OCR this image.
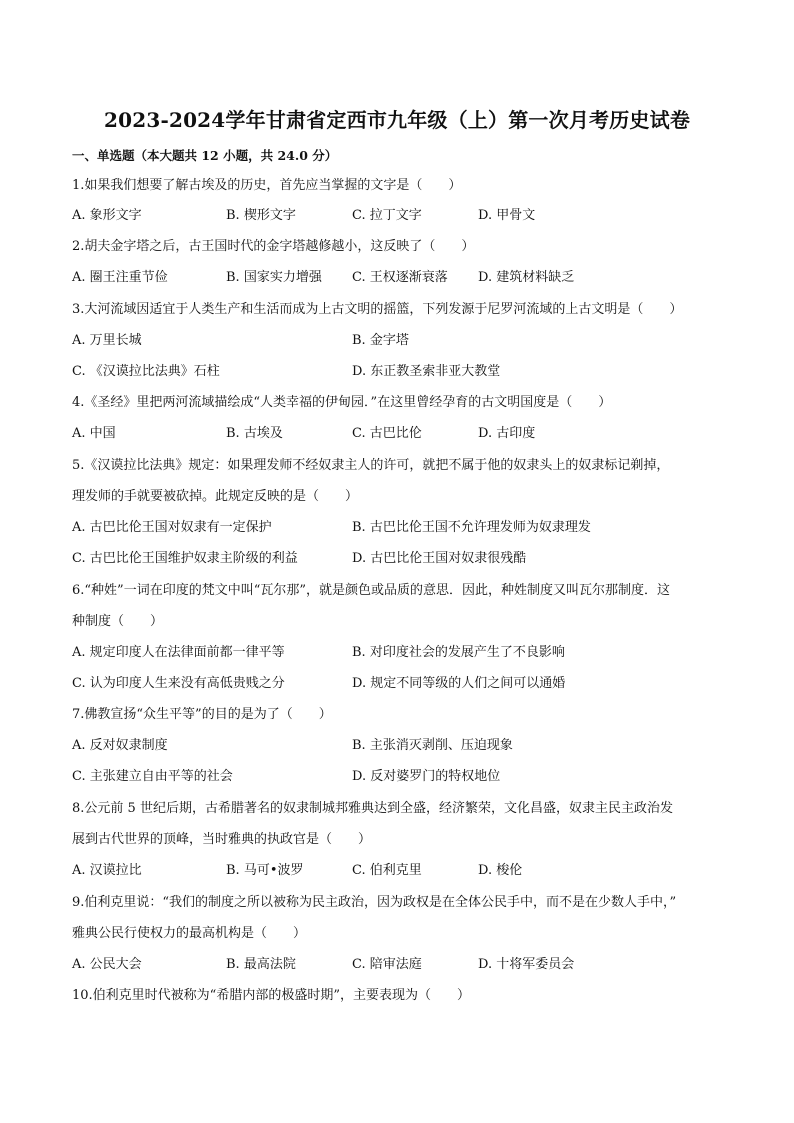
2023-2024学年甘肃省定西市九年级（上）第一次月考历史试卷
一、单选题（本大题共 12 小题，共 24.0 分）
1.如果我们想要了解古埃及的历史，首先应当掌握的文字是（　　）
A. 象形文字	B. 楔形文字	C. 拉丁文字	D. 甲骨文
2.胡夫金字塔之后，古王国时代的金字塔越修越小，这反映了（　　）
A. 圈王注重节俭	B. 国家实力增强 C. 王权逐渐衰落 D. 建筑材料缺乏
3.大河流域因适宜于人类生产和生活而成为上古文明的摇篮，下列发源于尼罗河流域的上古文明是（　　）
A. 万里长城	B. 金字塔
C. 《汉谟拉比法典》石柱	D. 东正教圣索非亚大教堂
4.《圣经》里把两河流域描绘成“人类幸福的伊甸园．”在这里曾经孕育的古文明国度是（　　）
A. 中国	B. 古埃及	C. 古巴比伦	D. 古印度
5.《汉谟拉比法典》规定：如果理发师不经奴隶主人的许可，就把不属于他的奴隶头上的奴隶标记剃掉，
理发师的手就要被砍掉。此规定反映的是（　　）
A. 古巴比伦王国对奴隶有一定保护	B. 古巴比伦王国不允许理发师为奴隶理发
C. 古巴比伦王国维护奴隶主阶级的利益	D. 古巴比伦王国对奴隶很残酷
6.“种姓”一词在印度的梵文中叫“瓦尔那”，就是颜色或品质的意思．因此，种姓制度又叫瓦尔那制度．这
种制度（　　）
A. 规定印度人在法律面前都一律平等	B. 对印度社会的发展产生了不良影响
C. 认为印度人生来没有高低贵贱之分	D. 规定不同等级的人们之间可以通婚
7.佛教宣扬“众生平等”的目的是为了（　　）
A. 反对奴隶制度	B. 主张消灭剥削、压迫现象
C. 主张建立自由平等的社会	D. 反对婆罗门的特权地位
8.公元前 5 世纪后期，古希腊著名的奴隶制城邦雅典达到全盛，经济繁荣，文化昌盛，奴隶主民主政治发
展到古代世界的顶峰，当时雅典的执政官是（　　）
A. 汉谟拉比	B. 马可•波罗	C. 伯利克里	D. 梭伦
9.伯利克里说：“我们的制度之所以被称为民主政治，因为政权是在全体公民手中，而不是在少数人手中，”
雅典公民行使权力的最高机构是（　　）
A. 公民大会	B. 最高法院	C. 陪审法庭	D. 十将军委员会
10.伯利克里时代被称为“希腊内部的极盛时期”，主要表现为（　　）
